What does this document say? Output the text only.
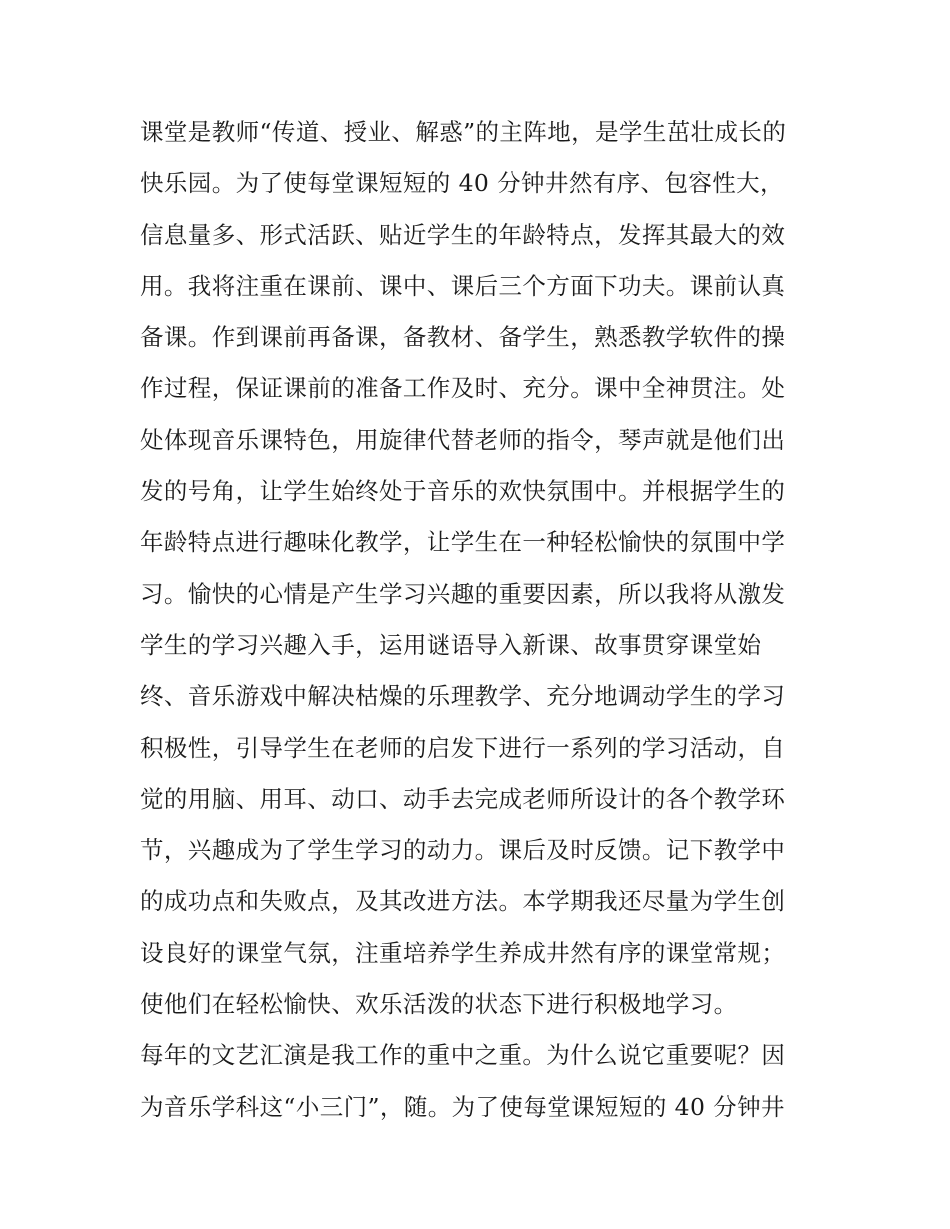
课堂是教师“传道、授业、解惑”的主阵地，是学生茁壮成长的
快乐园。为了使每堂课短短的 40 分钟井然有序、包容性大，
信息量多、形式活跃、贴近学生的年龄特点，发挥其最大的效
用。我将注重在课前、课中、课后三个方面下功夫。课前认真
备课。作到课前再备课，备教材、备学生，熟悉教学软件的操
作过程，保证课前的准备工作及时、充分。课中全神贯注。处
处体现音乐课特色，用旋律代替老师的指令，琴声就是他们出
发的号角，让学生始终处于音乐的欢快氛围中。并根据学生的
年龄特点进行趣味化教学，让学生在一种轻松愉快的氛围中学
习。愉快的心情是产生学习兴趣的重要因素，所以我将从激发
学生的学习兴趣入手，运用谜语导入新课、故事贯穿课堂始
终、音乐游戏中解决枯燥的乐理教学、充分地调动学生的学习
积极性，引导学生在老师的启发下进行一系列的学习活动，自
觉的用脑、用耳、动口、动手去完成老师所设计的各个教学环
节，兴趣成为了学生学习的动力。课后及时反馈。记下教学中
的成功点和失败点，及其改进方法。本学期我还尽量为学生创
设良好的课堂气氛，注重培养学生养成井然有序的课堂常规；
使他们在轻松愉快、欢乐活泼的状态下进行积极地学习。
每年的文艺汇演是我工作的重中之重。为什么说它重要呢？因
为音乐学科这“小三门”，随。为了使每堂课短短的 40 分钟井
